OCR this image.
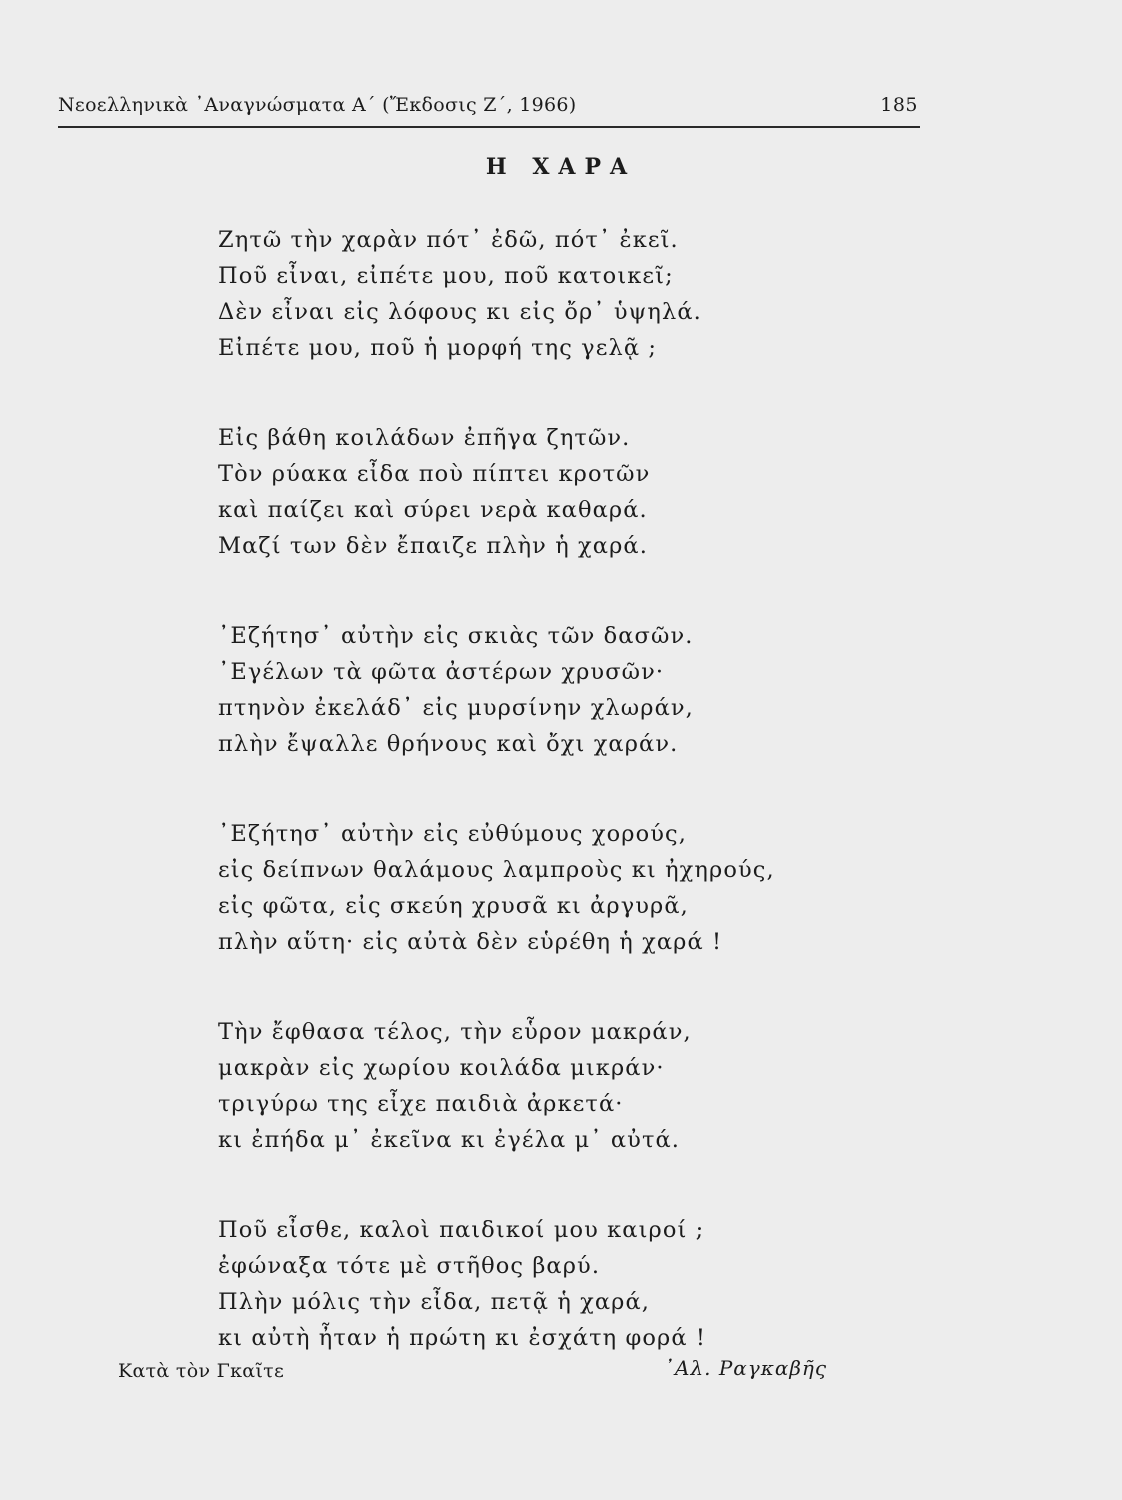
Νεοελληνικὰ ᾿Αναγνώσματα Α΄ (Ἔκδοσις Ζ΄, 1966)	185
Η ΧΑΡΑ
Ζητῶ τὴν χαρὰν πότ᾿ ἐδῶ, πότ᾿ ἐκεῖ.
Ποῦ εἶναι, εἰπέτε μου, ποῦ κατοικεῖ;
Δὲν εἶναι εἰς λόφους κι εἰς ὄρ᾿ ὑψηλά.
Εἰπέτε μου, ποῦ ἡ μορφή της γελᾷ ;
Εἰς βάθη κοιλάδων ἐπῆγα ζητῶν.
Τὸν ρύακα εἶδα ποὺ πίπτει κροτῶν
καὶ παίζει καὶ σύρει νερὰ καθαρά.
Μαζί των δὲν ἔπαιζε πλὴν ἡ χαρά.
᾿Εζήτησ᾿ αὐτὴν εἰς σκιὰς τῶν δασῶν.
᾿Εγέλων τὰ φῶτα ἀστέρων χρυσῶν·
πτηνὸν ἐκελάδ᾿ εἰς μυρσίνην χλωράν,
πλὴν ἔψαλλε θρήνους καὶ ὄχι χαράν.
᾿Εζήτησ᾿ αὐτὴν εἰς εὐθύμους χορούς,
εἰς δείπνων θαλάμους λαμπροὺς κι ἠχηρούς,
εἰς φῶτα, εἰς σκεύη χρυσᾶ κι ἀργυρᾶ,
πλὴν αὕτη· εἰς αὐτὰ δὲν εὑρέθη ἡ χαρά !
Τὴν ἔφθασα τέλος, τὴν εὗρον μακράν,
μακρὰν εἰς χωρίου κοιλάδα μικράν·
τριγύρω της εἶχε παιδιὰ ἀρκετά·
κι ἐπήδα μ᾿ ἐκεῖνα κι ἐγέλα μ᾿ αὐτά.
Ποῦ εἶσθε, καλοὶ παιδικοί μου καιροί ;
ἐφώναξα τότε μὲ στῆθος βαρύ.
Πλὴν μόλις τὴν εἶδα, πετᾷ ἡ χαρά,
κι αὐτὴ ἦταν ἡ πρώτη κι ἐσχάτη φορά !
Κατὰ τὸν Γκαῖτε	᾿Αλ. Ραγκαβῆς
